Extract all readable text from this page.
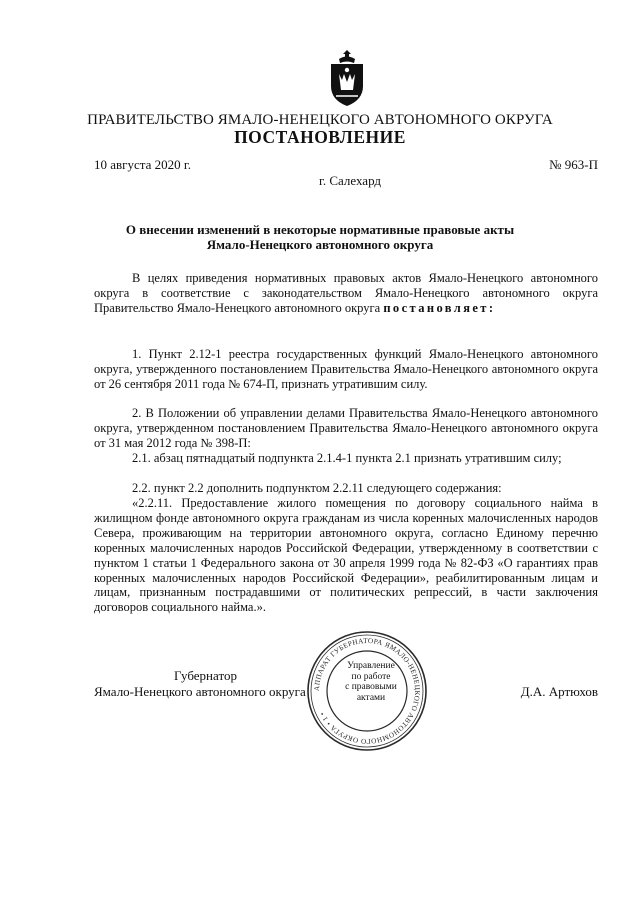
ПРАВИТЕЛЬСТВО ЯМАЛО-НЕНЕЦКОГО АВТОНОМНОГО ОКРУГА
ПОСТАНОВЛЕНИЕ
10 августа 2020 г.	№ 963-П
г. Салехард
О внесении изменений в некоторые нормативные правовые акты
Ямало-Ненецкого автономного округа

В целях приведения нормативных правовых актов Ямало-Ненецкого автономного округа в соответствие с законодательством Ямало-Ненецкого автономного округа Правительство Ямало-Ненецкого автономного округа постановляет:

1. Пункт 2.12-1 реестра государственных функций Ямало-Ненецкого автономного округа, утвержденного постановлением Правительства Ямало-Ненецкого автономного округа от 26 сентября 2011 года № 674-П, признать утратившим силу.

2. В Положении об управлении делами Правительства Ямало-Ненецкого автономного округа, утвержденном постановлением Правительства Ямало-Ненецкого автономного округа от 31 мая 2012 года № 398-П:

2.1. абзац пятнадцатый подпункта 2.1.4-1 пункта 2.1 признать утратившим силу;

2.2. пункт 2.2 дополнить подпунктом 2.2.11 следующего содержания:

«2.2.11. Предоставление жилого помещения по договору социального найма в жилищном фонде автономного округа гражданам из числа коренных малочисленных народов Севера, проживающим на территории автономного округа, согласно Единому перечню коренных малочисленных народов Российской Федерации, утвержденному в соответствии с пунктом 1 статьи 1 Федерального закона от 30 апреля 1999 года № 82-ФЗ «О гарантиях прав коренных малочисленных народов Российской Федерации», реабилитированным лицам и лицам, признанным пострадавшими от политических репрессий, в части заключения договоров социального найма.».

Губернатор
Ямало-Ненецкого автономного округа	Д.А. Артюхов
АППАРАТ ГУБЕРНАТОРА ЯМАЛО-НЕНЕЦКОГО АВТОНОМНОГО ОКРУГА • 1 •
Управление
по работе
с правовыми
актами
